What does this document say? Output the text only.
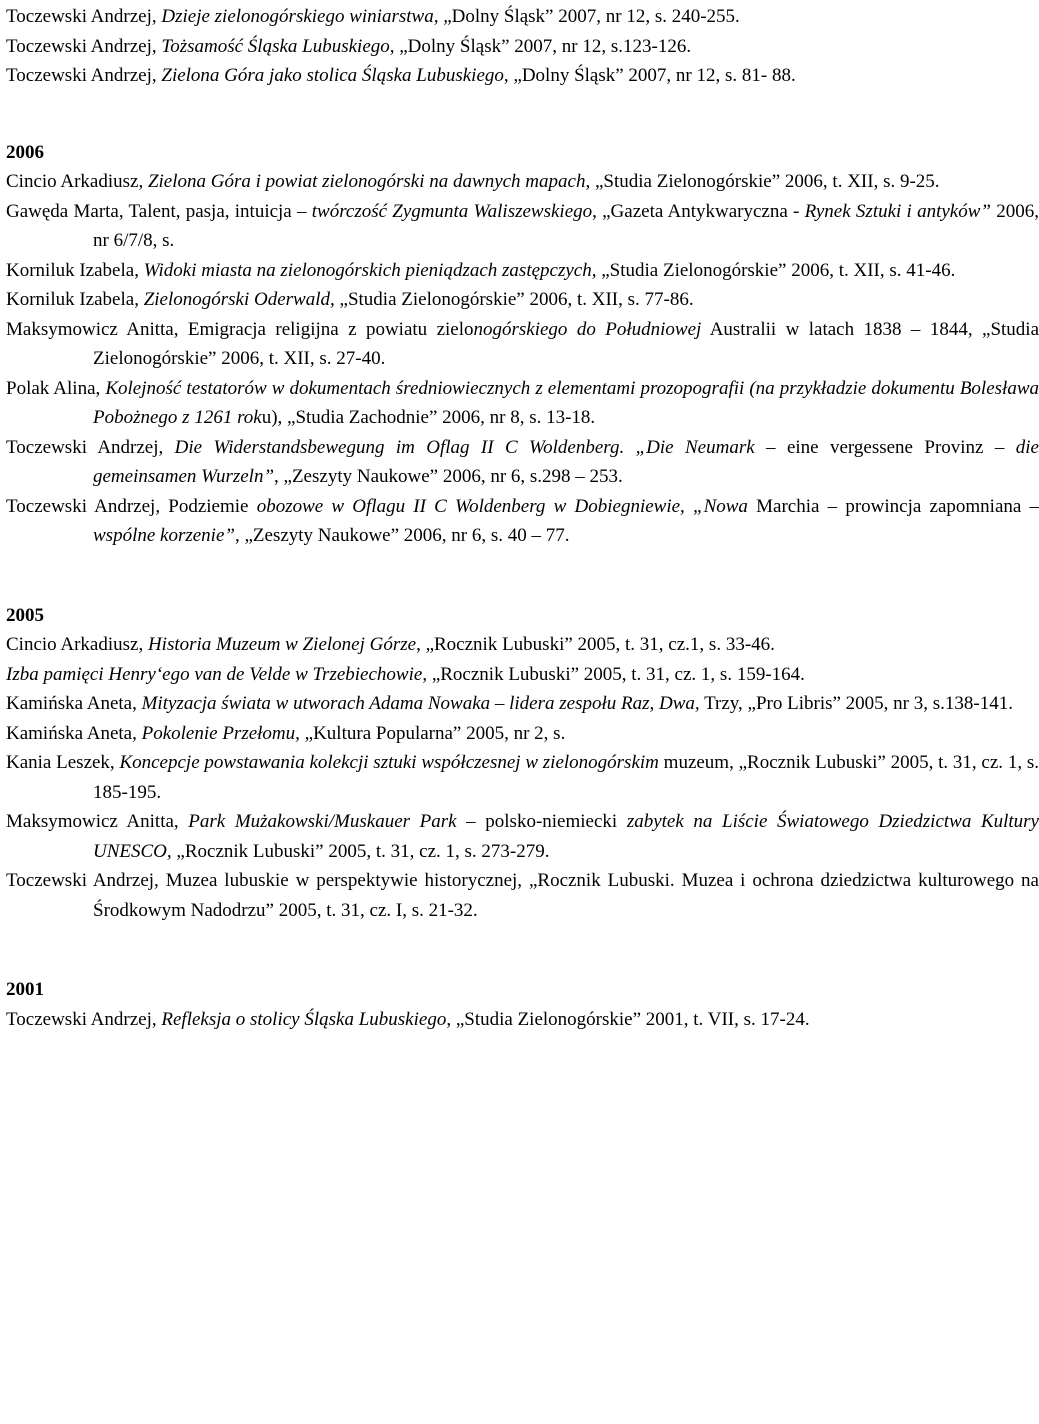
Toczewski Andrzej, Dzieje zielonogórskiego winiarstwa, „Dolny Śląsk” 2007, nr 12, s. 240-255.

Toczewski Andrzej, Tożsamość Śląska Lubuskiego, „Dolny Śląsk” 2007, nr 12, s.123-126.

Toczewski Andrzej, Zielona Góra jako stolica Śląska Lubuskiego, „Dolny Śląsk” 2007, nr 12, s. 81- 88.

2006

Cincio Arkadiusz, Zielona Góra i powiat zielonogórski na dawnych mapach, „Studia Zielonogórskie” 2006, t. XII, s. 9-25.

Gawęda Marta, Talent, pasja, intuicja – twórczość Zygmunta Waliszewskiego, „Gazeta Antykwaryczna - Rynek Sztuki i antyków” 2006, nr 6/7/8, s.

Korniluk Izabela, Widoki miasta na zielonogórskich pieniądzach zastępczych, „Studia Zielonogórskie” 2006, t. XII, s. 41-46.

Korniluk Izabela, Zielonogórski Oderwald, „Studia Zielonogórskie” 2006, t. XII, s. 77-86.

Maksymowicz Anitta, Emigracja religijna z powiatu zielonogórskiego do Południowej Australii w latach 1838 – 1844, „Studia Zielonogórskie” 2006, t. XII, s. 27-40.

Polak Alina, Kolejność testatorów w dokumentach średniowiecznych z elementami prozopografii (na przykładzie dokumentu Bolesława Pobożnego z 1261 roku), „Studia Zachodnie” 2006, nr 8, s. 13-18.

Toczewski Andrzej, Die Widerstandsbewegung im Oflag II C Woldenberg. „Die Neumark – eine vergessene Provinz – die gemeinsamen Wurzeln”, „Zeszyty Naukowe” 2006, nr 6, s.298 – 253.

Toczewski Andrzej, Podziemie obozowe w Oflagu II C Woldenberg w Dobiegniewie, „Nowa Marchia – prowincja zapomniana – wspólne korzenie”, „Zeszyty Naukowe” 2006, nr 6, s. 40 – 77.

2005

Cincio Arkadiusz, Historia Muzeum w Zielonej Górze, „Rocznik Lubuski” 2005, t. 31, cz.1, s. 33-46.

Izba pamięci Henry‘ego van de Velde w Trzebiechowie, „Rocznik Lubuski” 2005, t. 31, cz. 1, s. 159-164.

Kamińska Aneta, Mityzacja świata w utworach Adama Nowaka – lidera zespołu Raz, Dwa, Trzy, „Pro Libris” 2005, nr 3, s.138-141.

Kamińska Aneta, Pokolenie Przełomu, „Kultura Popularna” 2005, nr 2, s.

Kania Leszek, Koncepcje powstawania kolekcji sztuki współczesnej w zielonogórskim muzeum, „Rocznik Lubuski” 2005, t. 31, cz. 1, s. 185-195.

Maksymowicz Anitta, Park Mużakowski/Muskauer Park – polsko-niemiecki zabytek na Liście Światowego Dziedzictwa Kultury UNESCO, „Rocznik Lubuski” 2005, t. 31, cz. 1, s. 273-279.

Toczewski Andrzej, Muzea lubuskie w perspektywie historycznej, „Rocznik Lubuski. Muzea i ochrona dziedzictwa kulturowego na Środkowym Nadodrzu” 2005, t. 31, cz. I, s. 21-32.

2001

Toczewski Andrzej, Refleksja o stolicy Śląska Lubuskiego, „Studia Zielonogórskie” 2001, t. VII, s. 17-24.
